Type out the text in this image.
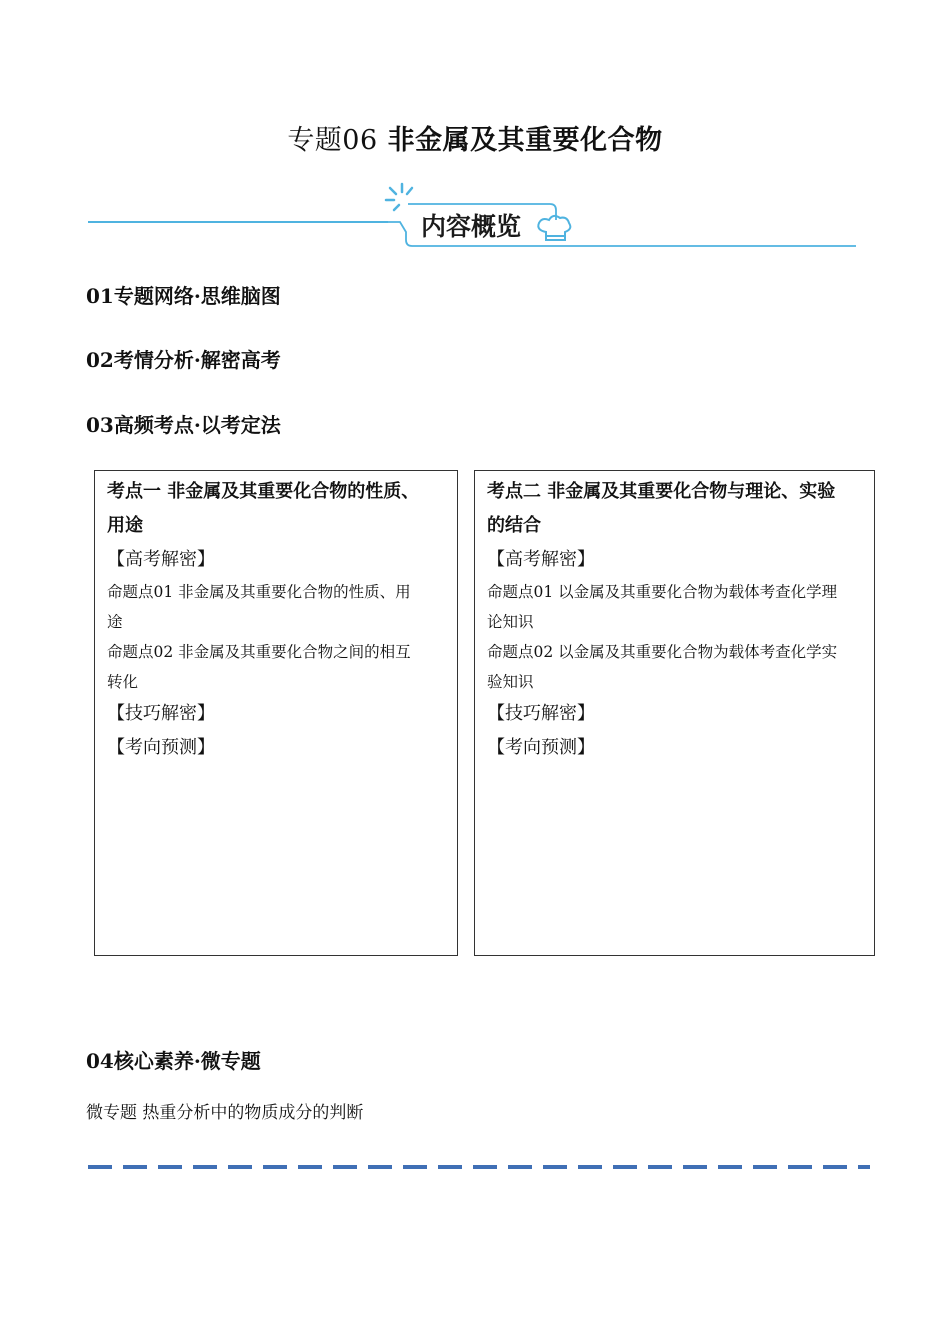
专题06 非金属及其重要化合物
内容概览
01专题网络·思维脑图
02考情分析·解密高考
03高频考点·以考定法
考点一 非金属及其重要化合物的性质、
用途
【高考解密】
命题点01 非金属及其重要化合物的性质、用
途
命题点02 非金属及其重要化合物之间的相互
转化
【技巧解密】
【考向预测】
考点二 非金属及其重要化合物与理论、实验
的结合
【高考解密】
命题点01 以金属及其重要化合物为载体考查化学理
论知识
命题点02 以金属及其重要化合物为载体考查化学实
验知识
【技巧解密】
【考向预测】
04核心素养·微专题
微专题 热重分析中的物质成分的判断
